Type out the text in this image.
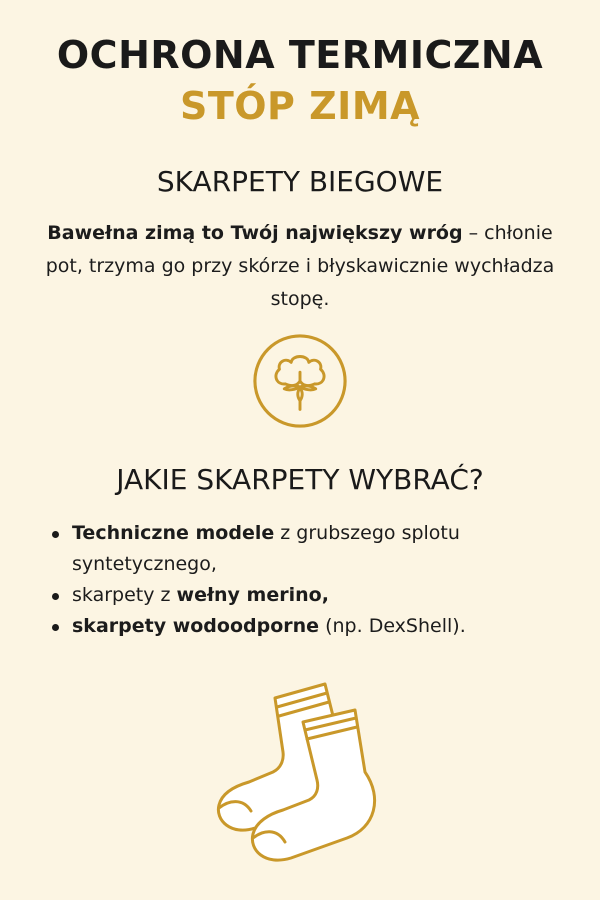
OCHRONA TERMICZNA
STÓP ZIMĄ
SKARPETY BIEGOWE
Bawełna zimą to Twój największy wróg – chłonie pot, trzyma go przy skórze i błyskawicznie wychładza stopę.
JAKIE SKARPETY WYBRAĆ?
Techniczne modele z grubszego splotu syntetycznego,
skarpety z wełny merino,
skarpety wodoodporne (np. DexShell).
